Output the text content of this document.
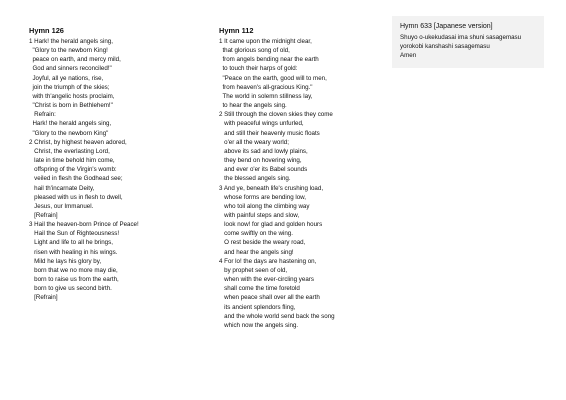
Hymn 126
1 Hark! the herald angels sing,
"Glory to the newborn King!
peace on earth, and mercy mild,
God and sinners reconciled!"
Joyful, all ye nations, rise,
join the triumph of the skies;
with th'angelic hosts proclaim,
"Christ is born in Bethlehem!"
Refrain:
Hark! the herald angels sing,
"Glory to the newborn King"
2 Christ, by highest heaven adored,
Christ, the everlasting Lord,
late in time behold him come,
offspring of the Virgin's womb:
veiled in flesh the Godhead see;
hail th'incarnate Deity,
pleased with us in flesh to dwell,
Jesus, our Immanuel.
[Refrain]
3 Hail the heaven-born Prince of Peace!
Hail the Sun of Righteousness!
Light and life to all he brings,
risen with healing in his wings.
Mild he lays his glory by,
born that we no more may die,
born to raise us from the earth,
born to give us second birth.
[Refrain]
Hymn 112
1 It came upon the midnight clear,
that glorious song of old,
from angels bending near the earth
to touch their harps of gold:
"Peace on the earth, good will to men,
from heaven's all-gracious King."
The world in solemn stillness lay,
to hear the angels sing.
2 Still through the cloven skies they come
with peaceful wings unfurled,
and still their heavenly music floats
o'er all the weary world;
above its sad and lowly plains,
they bend on hovering wing,
and ever o'er its Babel sounds
the blessed angels sing.
3 And ye, beneath life's crushing load,
whose forms are bending low,
who toil along the climbing way
with painful steps and slow,
look now! for glad and golden hours
come swiftly on the wing.
O rest beside the weary road,
and hear the angels sing!
4 For lo! the days are hastening on,
by prophet seen of old,
when with the ever-circling years
shall come the time foretold
when peace shall over all the earth
its ancient splendors fling,
and the whole world send back the song
which now the angels sing.
Hymn 633 [Japanese version]
Shuyo o-ukekudasai ima shuni sasagemasu
yorokobi kanshashi sasagemasu
Amen
